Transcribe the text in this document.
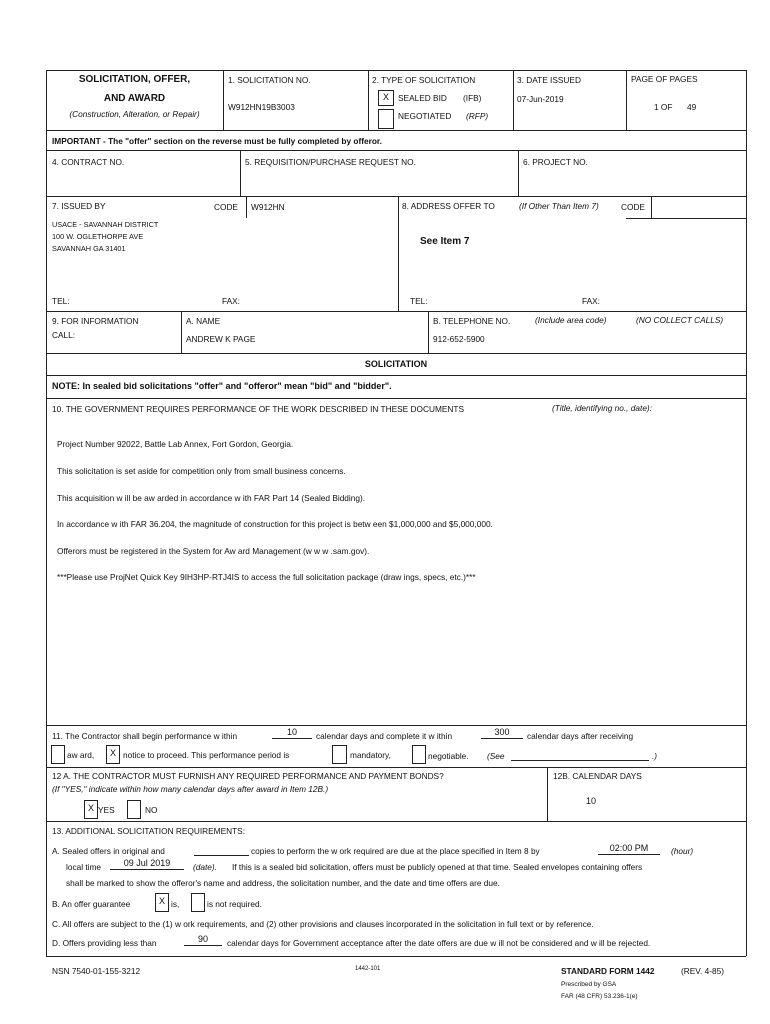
SOLICITATION, OFFER,
AND AWARD
(Construction, Alteration, or Repair)
1. SOLICITATION NO.
W912HN19B3003
2. TYPE OF SOLICITATION
X	SEALED BID (IFB)
NEGOTIATED (RFP)
3. DATE ISSUED
07-Jun-2019
PAGE OF PAGES
1 OF 49
IMPORTANT - The "offer" section on the reverse must be fully completed by offeror.
4. CONTRACT NO.	5. REQUISITION/PURCHASE REQUEST NO.	6. PROJECT NO.
7. ISSUED BY	CODE W912HN
USACE - SAVANNAH DISTRICT
100 W. OGLETHORPE AVE
SAVANNAH GA 31401
TEL:	FAX:
8. ADDRESS OFFER TO	(If Other Than Item 7)	CODE
See Item 7
TEL:	FAX:
9. FOR INFORMATION
CALL:
A. NAME
ANDREW K PAGE
B. TELEPHONE NO.	(Include area code)	(NO COLLECT CALLS)
912-652-5900
SOLICITATION
NOTE: In sealed bid solicitations "offer" and "offeror" mean "bid" and "bidder".
10. THE GOVERNMENT REQUIRES PERFORMANCE OF THE WORK DESCRIBED IN THESE DOCUMENTS	(Title, identifying no., date):
Project Number 92022, Battle Lab Annex, Fort Gordon, Georgia.
This solicitation is set aside for competition only from small business concerns.
This acquisition w ill be aw arded in accordance w ith FAR Part 14 (Sealed Bidding).
In accordance w ith FAR 36.204, the magnitude of construction for this project is betw een $1,000,000 and $5,000,000.
Offerors must be registered in the System for Aw ard Management (w w w .sam.gov).
***Please use ProjNet Quick Key 9IH3HP-RTJ4IS to access the full solicitation package (draw ings, specs, etc.)***
11. The Contractor shall begin performance w ithin	10	calendar days and complete it w ithin	300	calendar days after receiving
aw ard,	X notice to proceed. This performance period is	mandatory,	negotiable. (See	.)
12 A. THE CONTRACTOR MUST FURNISH ANY REQUIRED PERFORMANCE AND PAYMENT BONDS?
(If "YES," indicate within how many calendar days after award in Item 12B.)
X YES	NO
12B. CALENDAR DAYS
10
13. ADDITIONAL SOLICITATION REQUIREMENTS:
A. Sealed offers in original and	copies to perform the w ork required are due at the place specified in Item 8 by	02:00 PM	(hour)
local time	09 Jul 2019	(date). If this is a sealed bid solicitation, offers must be publicly opened at that time. Sealed envelopes containing offers
shall be marked to show the offeror's name and address, the solicitation number, and the date and time offers are due.
B. An offer guarantee	X is,	is not required.
C. All offers are subject to the (1) w ork requirements, and (2) other provisions and clauses incorporated in the solicitation in full text or by reference.
D. Offers providing less than	90	calendar days for Government acceptance after the date offers are due w ill not be considered and w ill be rejected.
NSN 7540-01-155-3212	1442-101	STANDARD FORM 1442	(REV. 4-85)
Prescribed by GSA
FAR (48 CFR) 53.236-1(e)
